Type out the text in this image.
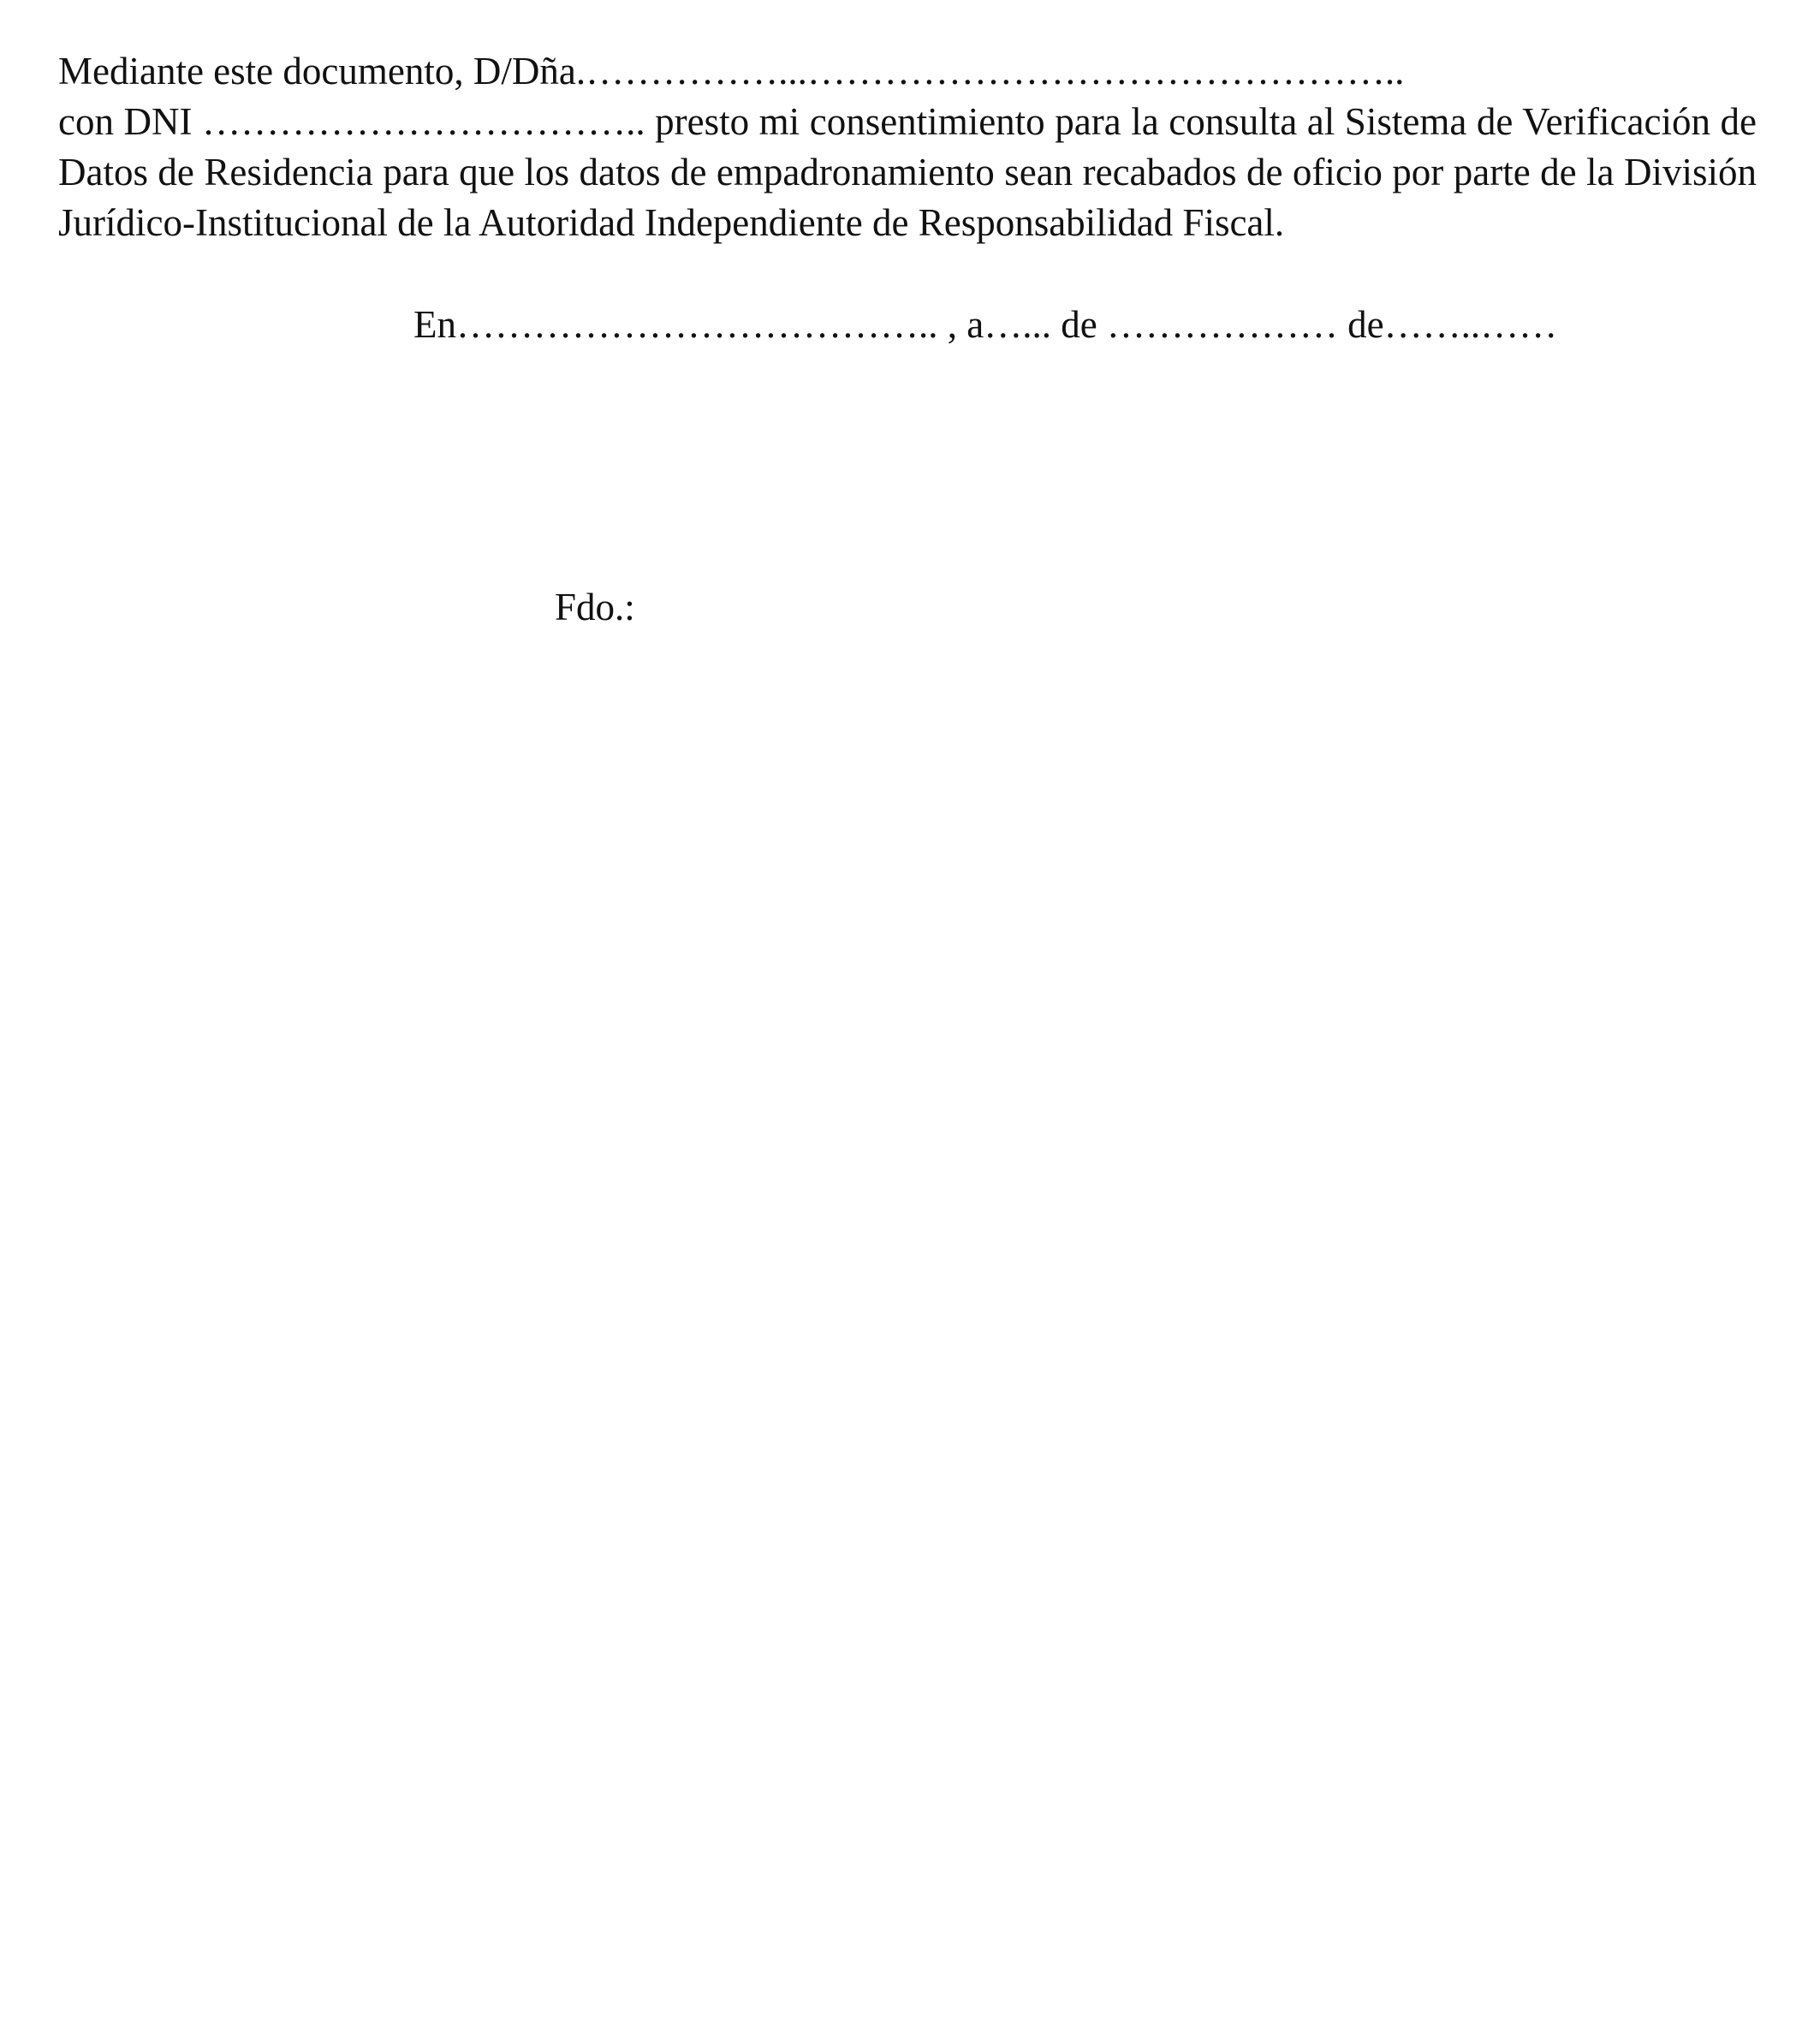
Mediante este documento, D/Dña.……………...………………………………………..
con DNI …………………………….. presto mi consentimiento para la consulta al Sistema de Verificación de
Datos de Residencia para que los datos de empadronamiento sean recabados de oficio por parte de la División
Jurídico-Institucional de la Autoridad Independiente de Responsabilidad Fiscal.
En……………………………….. , a…... de ……………… de……..……
Fdo.:
